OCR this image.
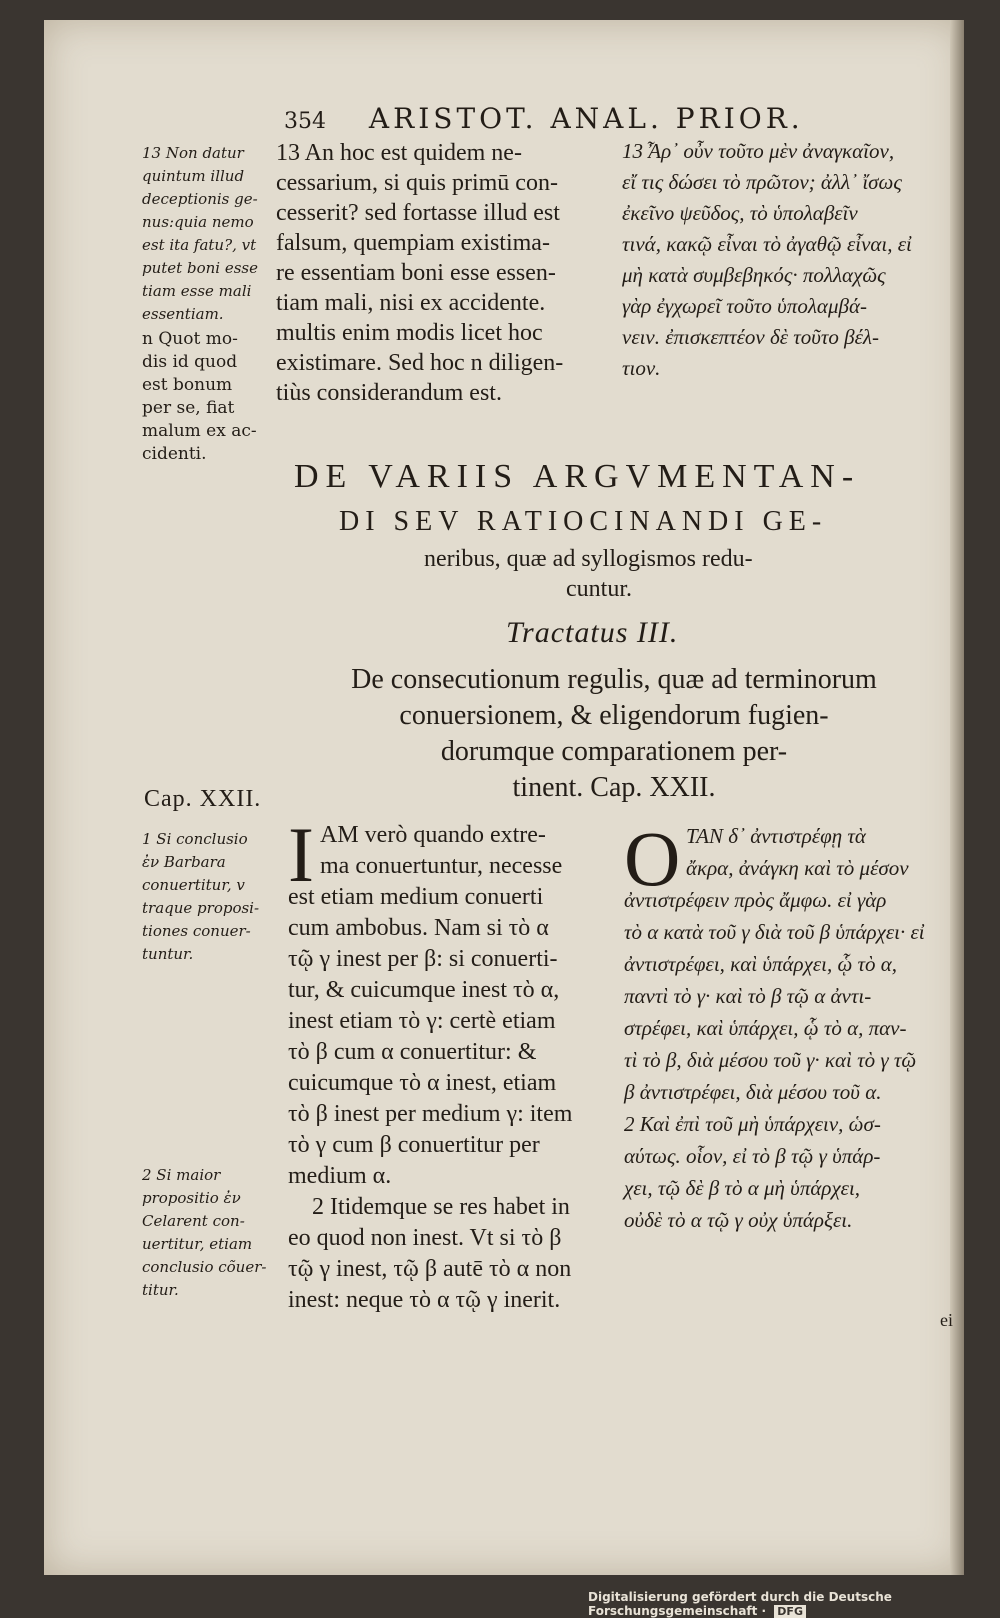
354 ARISTOT. ANAL. PRIOR.
13 Non datur
quintum illud
deceptionis ge-
nus:quia nemo
est ita fatu?, vt
putet boni esse
tiam esse mali
essentiam.
n Quot mo-
dis id quod
est bonum
per se, fiat
malum ex ac-
cidenti.
13 An hoc est quidem ne-
cessarium, si quis primū con-
cesserit? sed fortasse illud est
falsum, quempiam existima-
re essentiam boni esse essen-
tiam mali, nisi ex accidente.
multis enim modis licet hoc
existimare. Sed hoc n diligen-
tiùs considerandum est.
13 Ἆρ᾽ οὖν τοῦτο μὲν ἀναγκαῖον,
εἴ τις δώσει τὸ πρῶτον; ἀλλ᾽ ἴσως
ἐκεῖνο ψεῦδος, τὸ ὑπολαβεῖν
τινά, κακῷ εἶναι τὸ ἀγαθῷ εἶναι, εἰ
μὴ κατὰ συμβεβηκός· πολλαχῶς
γὰρ ἐγχωρεῖ τοῦτο ὑπολαμβά-
νειν. ἐπισκεπτέον δὲ τοῦτο βέλ-
τιον.
DE VARIIS ARGVMENTAN-
DI SEV RATIOCINANDI GE-
neribus, quæ ad syllogismos redu-
cuntur.
Tractatus III.
De consecutionum regulis, quæ ad terminorum
conuersionem, & eligendorum fugien-
dorumque comparationem per-
tinent. Cap. XXII.
Cap. XXII.
1 Si conclusio
ἐν Barbara
conuertitur, v
traque proposi-
tiones conuer-
tuntur.
2 Si maior
propositio ἐν
Celarent con-
uertitur, etiam
conclusio cõuer-
titur.
I AM verò quando extre-
ma conuertuntur, necesse
est etiam medium conuerti
cum ambobus. Nam si τὸ α
τῷ γ inest per β: si conuerti-
tur, & cuicumque inest τὸ α,
inest etiam τὸ γ: certè etiam
τὸ β cum α conuertitur: &
cuicumque τὸ α inest, etiam
τὸ β inest per medium γ: item
τὸ γ cum β conuertitur per
medium α.
2 Itidemque se res habet in
eo quod non inest. Vt si τὸ β
τῷ γ inest, τῷ β autē τὸ α non
inest: neque τὸ α τῷ γ inerit.
O ΤΑΝ δ᾽ ἀντιστρέφῃ τὰ
ἄκρα, ἀνάγκη καὶ τὸ μέσον
ἀντιστρέφειν πρὸς ἄμφω. εἰ γὰρ
τὸ α κατὰ τοῦ γ διὰ τοῦ β ὑπάρχει· εἰ
ἀντιστρέφει, καὶ ὑπάρχει, ᾧ τὸ α,
παντὶ τὸ γ· καὶ τὸ β τῷ α ἀντι-
στρέφει, καὶ ὑπάρχει, ᾧ τὸ α, παν-
τὶ τὸ β, διὰ μέσου τοῦ γ· καὶ τὸ γ τῷ
β ἀντιστρέφει, διὰ μέσου τοῦ α.
2 Καὶ ἐπὶ τοῦ μὴ ὑπάρχειν, ὡσ-
αύτως. οἷον, εἰ τὸ β τῷ γ ὑπάρ-
χει, τῷ δὲ β τὸ α μὴ ὑπάρχει,
οὐδὲ τὸ α τῷ γ οὐχ ὑπάρξει.
ei
Digitalisierung gefördert durch die Deutsche Forschungsgemeinschaft · DFG
